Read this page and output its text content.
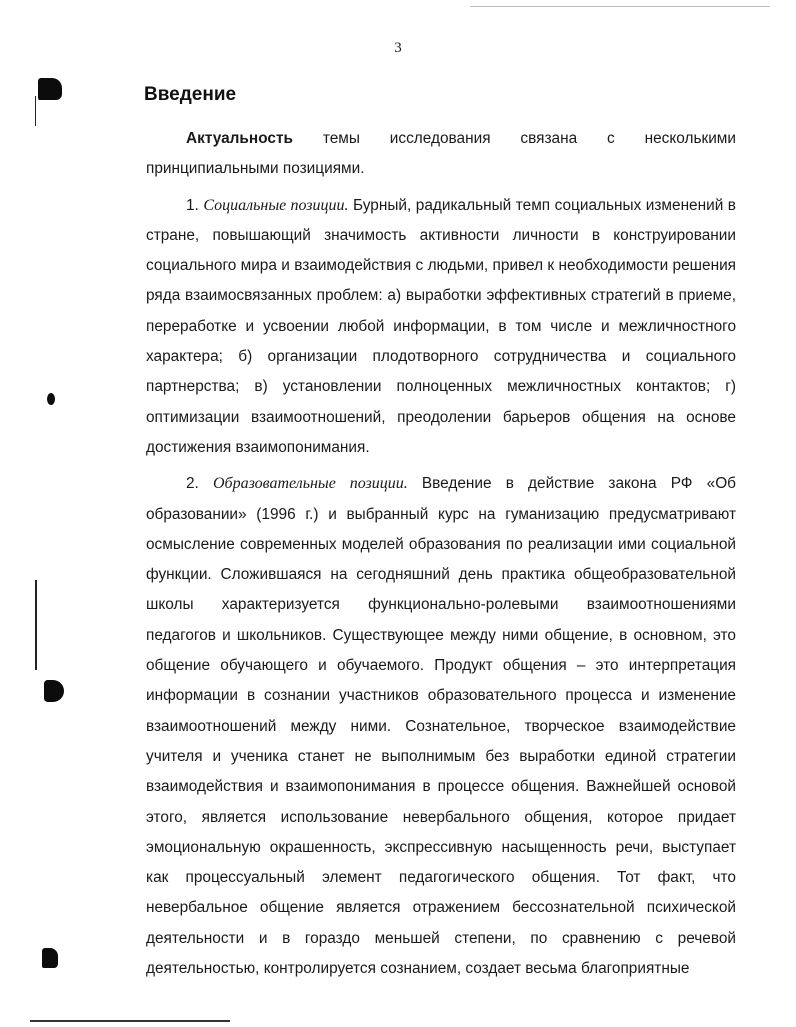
3
Введение

Актуальность темы исследования связана с несколькими принципиальными позициями.

1. Социальные позиции. Бурный, радикальный темп социальных изменений в стране, повышающий значимость активности личности в конструировании социального мира и взаимодействия с людьми, привел к необходимости решения ряда взаимосвязанных проблем: а) выработки эффективных стратегий в приеме, переработке и усвоении любой информации, в том числе и межличностного характера; б) организации плодотворного сотрудничества и социального партнерства; в) установлении полноценных межличностных контактов; г) оптимизации взаимоотношений, преодолении барьеров общения на основе достижения взаимопонимания.

2. Образовательные позиции. Введение в действие закона РФ «Об образовании» (1996 г.) и выбранный курс на гуманизацию предусматривают осмысление современных моделей образования по реализации ими социальной функции. Сложившаяся на сегодняшний день практика общеобразовательной школы характеризуется функционально-ролевыми взаимоотношениями педагогов и школьников. Существующее между ними общение, в основном, это общение обучающего и обучаемого. Продукт общения – это интерпретация информации в сознании участников образовательного процесса и изменение взаимоотношений между ними. Сознательное, творческое взаимодействие учителя и ученика станет не выполнимым без выработки единой стратегии взаимодействия и взаимопонимания в процессе общения. Важнейшей основой этого, является использование невербального общения, которое придает эмоциональную окрашенность, экспрессивную насыщенность речи, выступает как процессуальный элемент педагогического общения. Тот факт, что невербальное общение является отражением бессознательной психической деятельности и в гораздо меньшей степени, по сравнению с речевой деятельностью, контролируется сознанием, создает весьма благоприятные
